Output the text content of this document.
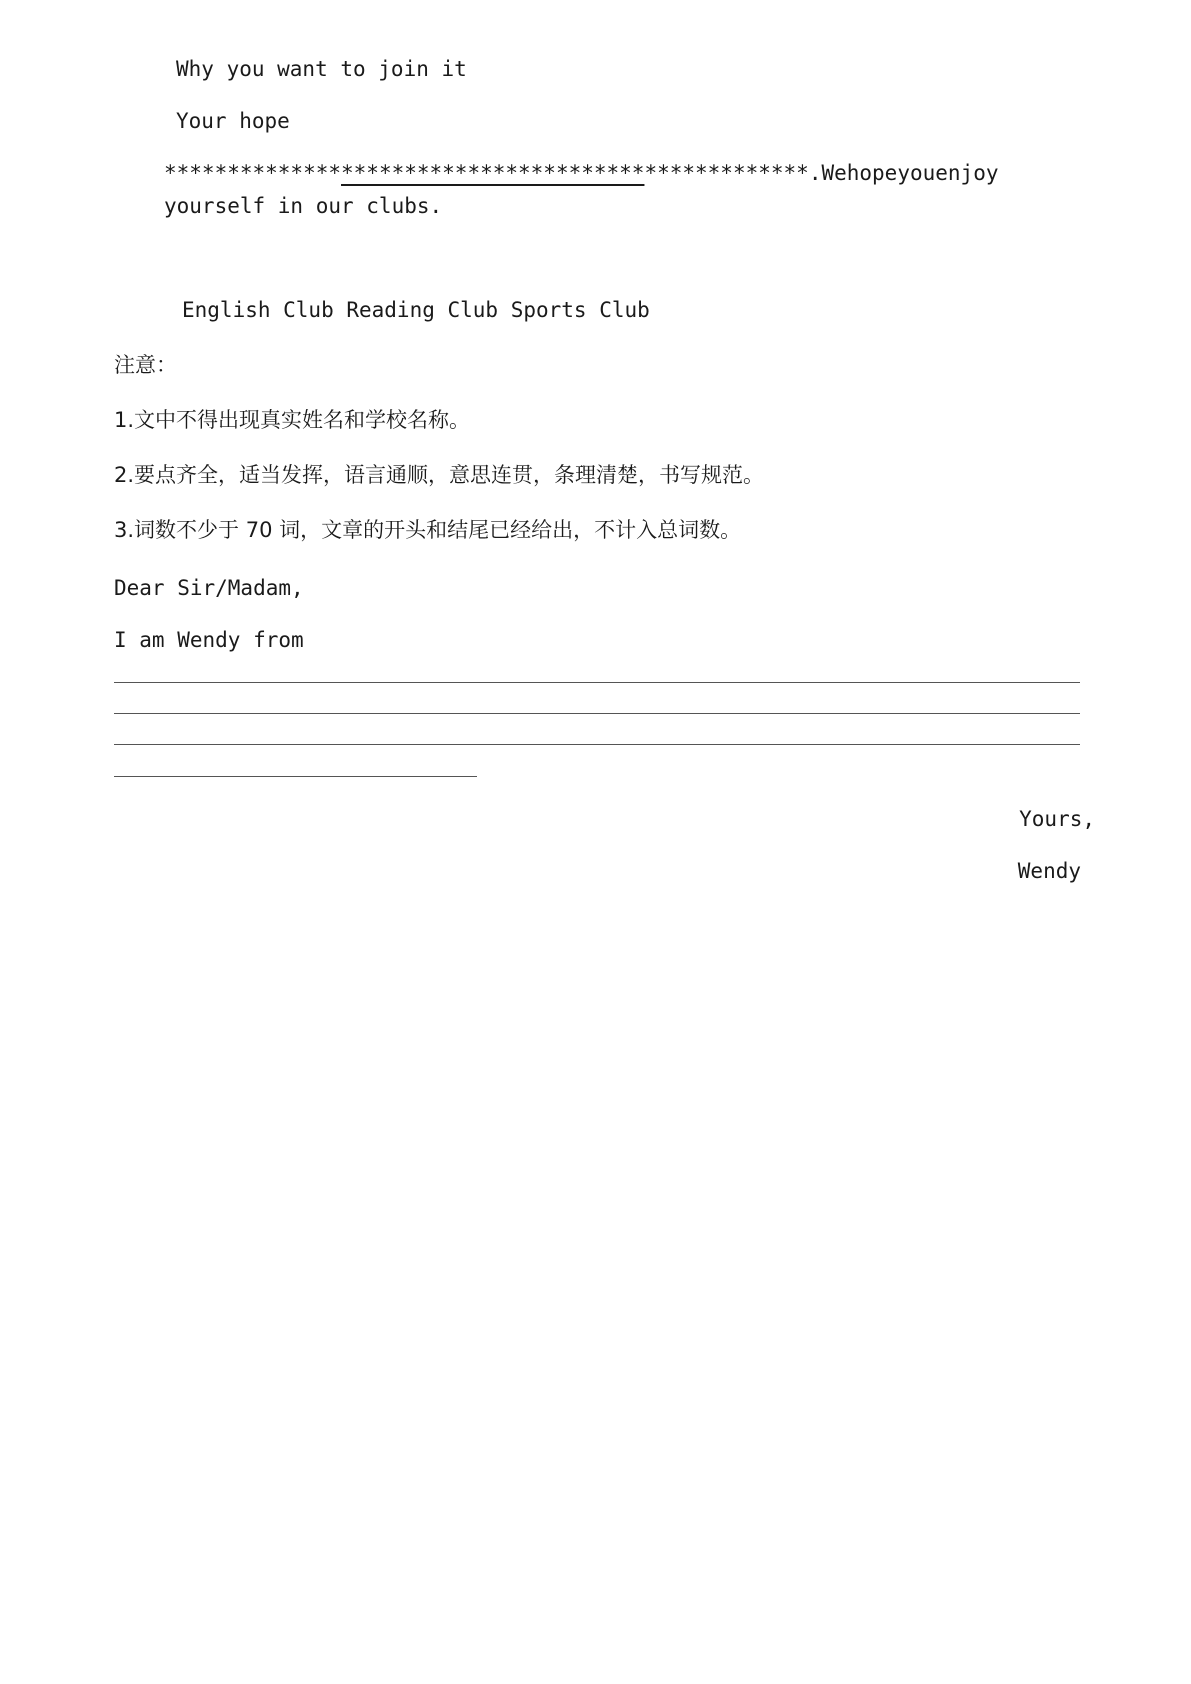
Why you want to join it
Your hope
***************************************************.Wehopeyouenjoy
yourself in our clubs.
English Club Reading Club Sports Club
注意：
1.文中不得出现真实姓名和学校名称。
2.要点齐全，适当发挥，语言通顺，意思连贯，条理清楚，书写规范。
3.词数不少于 70 词，文章的开头和结尾已经给出，不计入总词数。
Dear Sir/Madam,
I am Wendy from
Yours,
Wendy
